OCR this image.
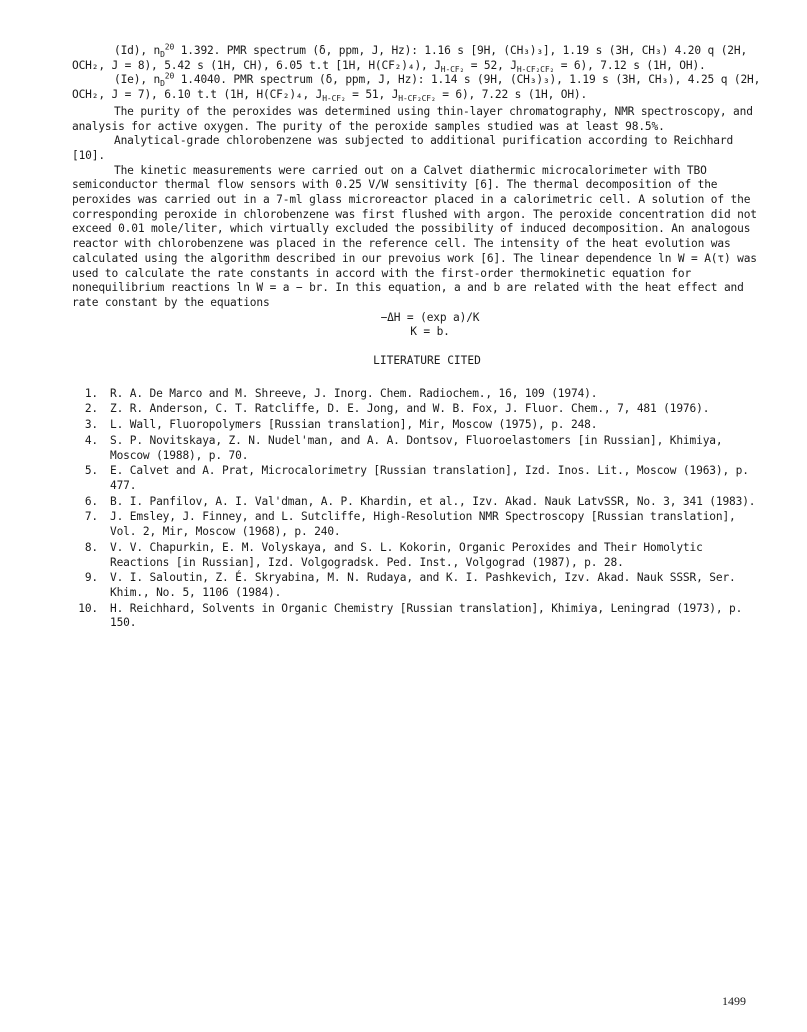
(Id), $n_D^{20}$ 1.392. PMR spectrum (δ, ppm, J, Hz): 1.16 s [9H, (CH₃)₃], 1.19 s (3H, CH₃) 4.20 q (2H, OCH₂, J = 8), 5.42 s (1H, CH), 6.05 t.t [1H, H(CF₂)₄), $J_{H-CF_2} = 52$, $J_{H-CF_2CF_2} = 6$), 7.12 s (1H, OH).

(Ie), $n_D^{20}$ 1.4040. PMR spectrum (δ, ppm, J, Hz): 1.14 s (9H, (CH₃)₃), 1.19 s (3H, CH₃), 4.25 q (2H, OCH₂, J = 7), 6.10 t.t (1H, H(CF₂)₄, $J_{H-CF_2} = 51$, $J_{H-CF_2CF_2} = 6$), 7.22 s (1H, OH).

The purity of the peroxides was determined using thin-layer chromatography, NMR spectroscopy, and analysis for active oxygen. The purity of the peroxide samples studied was at least 98.5%.

Analytical-grade chlorobenzene was subjected to additional purification according to Reichhard [10].

The kinetic measurements were carried out on a Calvet diathermic microcalorimeter with TBO semiconductor thermal flow sensors with 0.25 V/W sensitivity [6]. The thermal decomposition of the peroxides was carried out in a 7-ml glass microreactor placed in a calorimetric cell. A solution of the corresponding peroxide in chlorobenzene was first flushed with argon. The peroxide concentration did not exceed 0.01 mole/liter, which virtually excluded the possibility of induced decomposition. An analogous reactor with chlorobenzene was placed in the reference cell. The intensity of the heat evolution was calculated using the algorithm described in our prevoius work [6]. The linear dependence ln W = A(τ) was used to calculate the rate constants in accord with the first-order thermokinetic equation for nonequilibrium reactions ln W = a − br. In this equation, a and b are related with the heat effect and rate constant by the equations

−ΔH = (exp a)/K

K = b.

LITERATURE CITED

1.	R. A. De Marco and M. Shreeve, J. Inorg. Chem. Radiochem., 16, 109 (1974).
2.	Z. R. Anderson, C. T. Ratcliffe, D. E. Jong, and W. B. Fox, J. Fluor. Chem., 7, 481 (1976).
3.	L. Wall, Fluoropolymers [Russian translation], Mir, Moscow (1975), p. 248.
4.	S. P. Novitskaya, Z. N. Nudel'man, and A. A. Dontsov, Fluoroelastomers [in Russian], Khimiya, Moscow (1988), p. 70.
5.	E. Calvet and A. Prat, Microcalorimetry [Russian translation], Izd. Inos. Lit., Moscow (1963), p. 477.
6.	B. I. Panfilov, A. I. Val'dman, A. P. Khardin, et al., Izv. Akad. Nauk LatvSSR, No. 3, 341 (1983).
7.	J. Emsley, J. Finney, and L. Sutcliffe, High-Resolution NMR Spectroscopy [Russian translation], Vol. 2, Mir, Moscow (1968), p. 240.
8.	V. V. Chapurkin, E. M. Volyskaya, and S. L. Kokorin, Organic Peroxides and Their Homolytic Reactions [in Russian], Izd. Volgogradsk. Ped. Inst., Volgograd (1987), p. 28.
9.	V. I. Saloutin, Z. É. Skryabina, M. N. Rudaya, and K. I. Pashkevich, Izv. Akad. Nauk SSSR, Ser. Khim., No. 5, 1106 (1984).
10.	H. Reichhard, Solvents in Organic Chemistry [Russian translation], Khimiya, Leningrad (1973), p. 150.
1499
